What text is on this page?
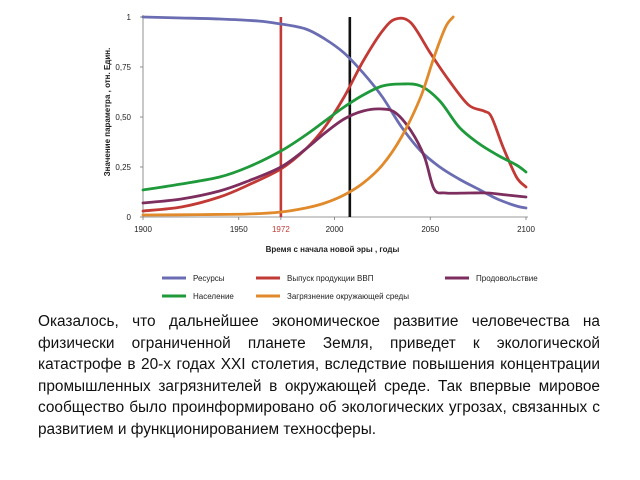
1900	1950	1972	2000	2050	2100
0
0,25
0,50
0,75
1
Время с начала новой эры , годы
Значение параметра , отн. Един.
Ресурсы	Выпуск продукции ВВП	Продовольствие
Население	Загрязнение окружающей среды

Оказалось, что дальнейшее экономическое развитие человечества на физически ограниченной планете Земля, приведет к экологической катастрофе в 20-х годах XXI столетия, вследствие повышения концентрации промышленных загрязнителей в окружающей среде. Так впервые мировое сообщество было проинформировано об экологических угрозах, связанных с развитием и функционированием техносферы.
